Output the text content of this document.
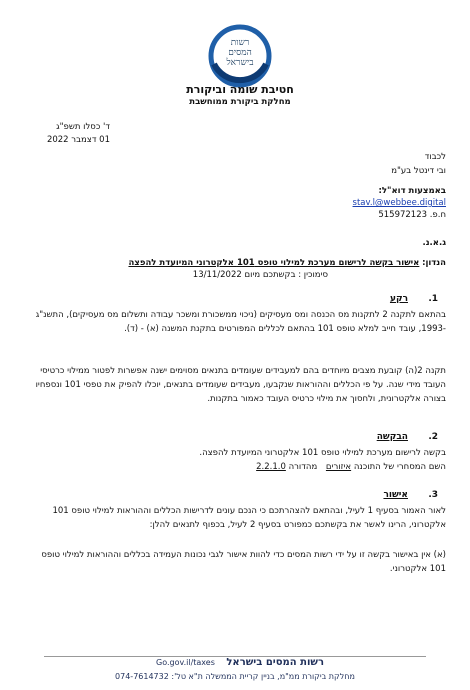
רשות המסים בישראל
חטיבת שומה וביקורת
מחלקת ביקורת ממוחשבת
ד' כסלו תשפ"ג
01 דצמבר 2022
לכבוד
ובי דינטל בע"מ
באמצעות דוא"ל:
stav.l@webbee.digital
ח.פ. 515972123
ג.א.נ.
הנדון: אישור בקשה לרישום מערכת למילוי טופס 101 אלקטרוני המיועדת להפצה
סימוכין : בקשתכם מיום 13/11/2022
.1
רקע
בהתאם לתקנה 2 לתקנות מס הכנסה ומס מעסיקים (ניכוי ממשכורת ומשכר עבודה ותשלום מס מעסיקים), התשנ"ג -1993, עובד חייב למלא טופס 101 בהתאם לכללים המפורטים בתקנת המשנה (א) - (ד).
תקנה 2(ה) קובעת מצבים מיוחדים בהם למעבידים שעומדים בתנאים מסוימים ישנה אפשרות לפטור ממילוי כרטיסי העובד מידי שנה. על פי הכללים וההוראות שנקבעו, מעבידים שעומדים בתנאים, יוכלו להפיק את טפסי 101 ונספחיו בצורה אלקטרונית, ולחסוך את מילוי כרטיס העובד כאמור בתקנות.
.2
הבקשה
בקשה לרישום מערכת למילוי טופס 101 אלקטרוני המיועדת להפצה.
השם המסחרי של התוכנה איזורים מהדורה 2.2.1.0
.3
אישור
לאור האמור בסעיף 1 לעיל, ובהתאם להצהרתכם כי הנכם עונים לדרישות הכללים וההוראות למילוי טופס 101 אלקטרוני, הרינו לאשר את בקשתכם כמפורט בסעיף 2 לעיל, בכפוף לתנאים להלן:
(א) אין באישור בקשה זו על ידי רשות המסים כדי להוות אישור לגבי נכונות העמידה בכללים וההוראות למילוי טופס 101 אלקטרוני.
רשות המסים בישראל Go.gov.il/taxes
מחלקת ביקורת ממ"מ, בניין קריית הממשלה ת"א טל': 074-7614732
